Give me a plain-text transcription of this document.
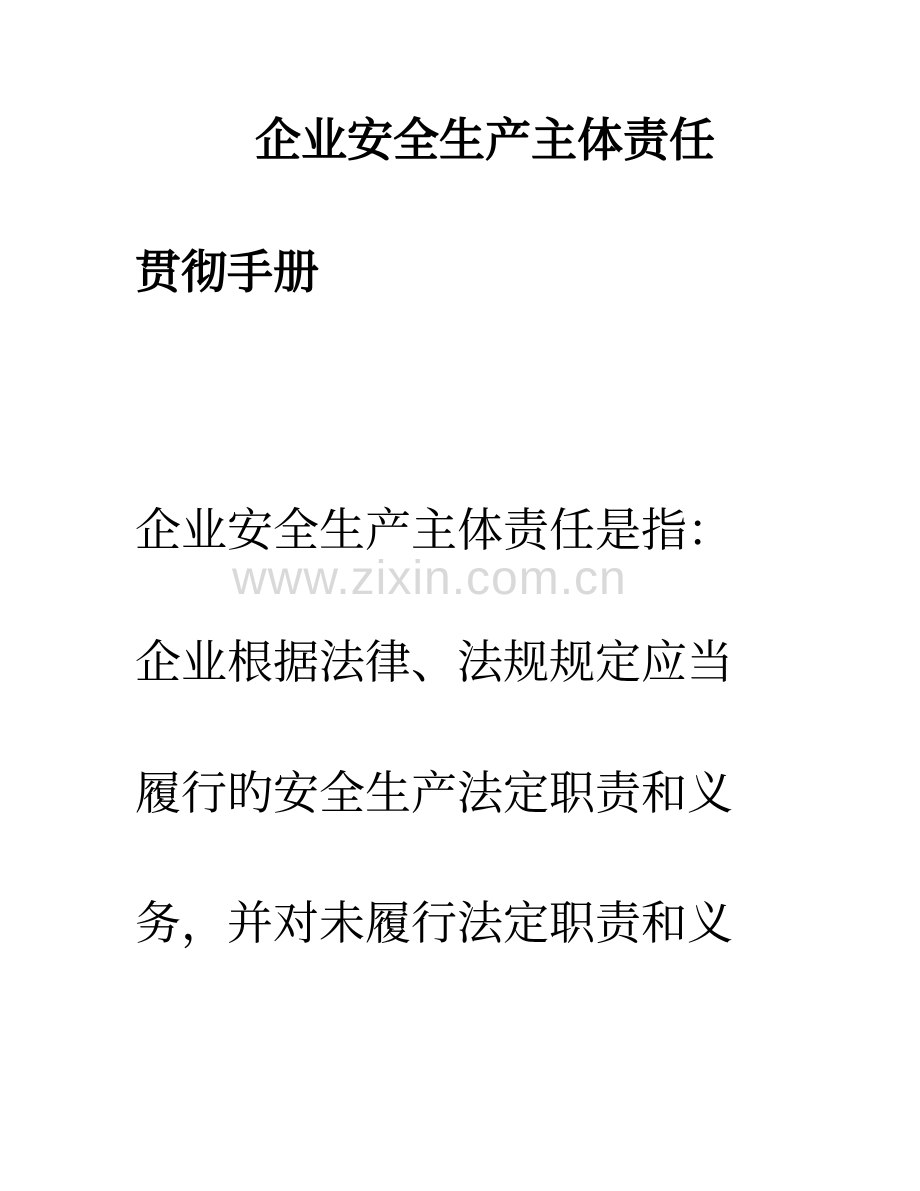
企业安全生产主体责任
贯彻手册
www.zixin.com.cn
企业安全生产主体责任是指：
企业根据法律、法规规定应当
履行旳安全生产法定职责和义
务，并对未履行法定职责和义
